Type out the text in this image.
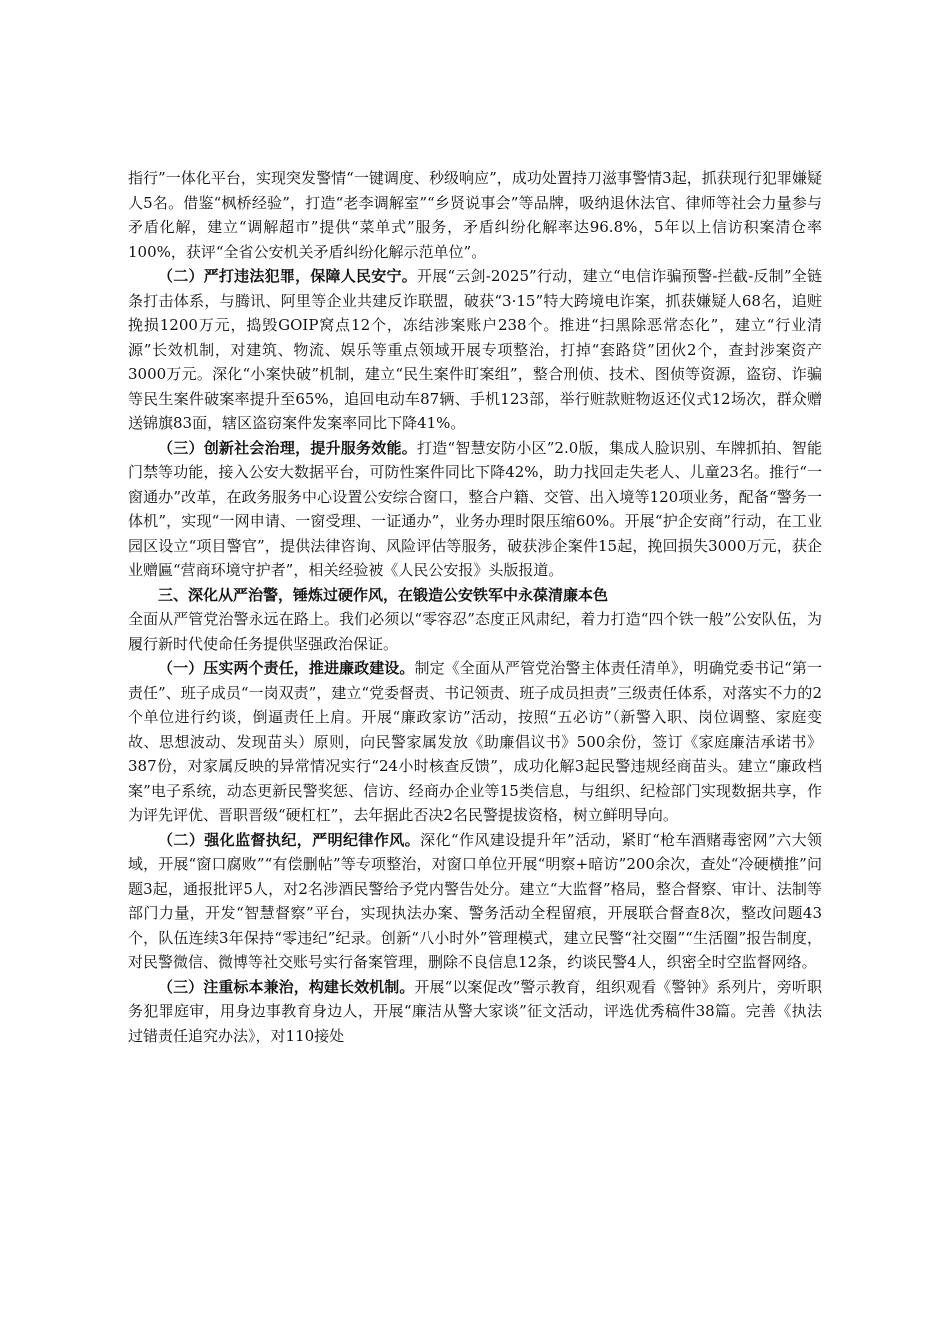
指行”一体化平台，实现突发警情“一键调度、秒级响应”，成功处置持刀滋事警情3起，抓获现行犯罪嫌疑人5名。借鉴“枫桥经验”，打造“老李调解室”“乡贤说事会”等品牌，吸纳退休法官、律师等社会力量参与矛盾化解，建立“调解超市”提供“菜单式”服务，矛盾纠纷化解率达96.8%，5年以上信访积案清仓率100%，获评“全省公安机关矛盾纠纷化解示范单位”。

（二）严打违法犯罪，保障人民安宁。开展“云剑-2025”行动，建立“电信诈骗预警-拦截-反制”全链条打击体系，与腾讯、阿里等企业共建反诈联盟，破获“3·15”特大跨境电诈案，抓获嫌疑人68名，追赃挽损1200万元，捣毁GOIP窝点12个，冻结涉案账户238个。推进“扫黑除恶常态化”，建立“行业清源”长效机制，对建筑、物流、娱乐等重点领域开展专项整治，打掉“套路贷”团伙2个，查封涉案资产3000万元。深化“小案快破”机制，建立“民生案件盯案组”，整合刑侦、技术、图侦等资源，盗窃、诈骗等民生案件破案率提升至65%，追回电动车87辆、手机123部，举行赃款赃物返还仪式12场次，群众赠送锦旗83面，辖区盗窃案件发案率同比下降41%。

（三）创新社会治理，提升服务效能。打造“智慧安防小区”2.0版，集成人脸识别、车牌抓拍、智能门禁等功能，接入公安大数据平台，可防性案件同比下降42%，助力找回走失老人、儿童23名。推行“一窗通办”改革，在政务服务中心设置公安综合窗口，整合户籍、交管、出入境等120项业务，配备“警务一体机”，实现“一网申请、一窗受理、一证通办”，业务办理时限压缩60%。开展“护企安商”行动，在工业园区设立“项目警官”，提供法律咨询、风险评估等服务，破获涉企案件15起，挽回损失3000万元，获企业赠匾“营商环境守护者”，相关经验被《人民公安报》头版报道。

三、深化从严治警，锤炼过硬作风，在锻造公安铁军中永葆清廉本色

全面从严管党治警永远在路上。我们必须以“零容忍”态度正风肃纪，着力打造“四个铁一般”公安队伍，为履行新时代使命任务提供坚强政治保证。

（一）压实两个责任，推进廉政建设。制定《全面从严管党治警主体责任清单》，明确党委书记“第一责任”、班子成员“一岗双责”，建立“党委督责、书记领责、班子成员担责”三级责任体系，对落实不力的2个单位进行约谈，倒逼责任上肩。开展“廉政家访”活动，按照“五必访”（新警入职、岗位调整、家庭变故、思想波动、发现苗头）原则，向民警家属发放《助廉倡议书》500余份，签订《家庭廉洁承诺书》387份，对家属反映的异常情况实行“24小时核查反馈”，成功化解3起民警违规经商苗头。建立“廉政档案”电子系统，动态更新民警奖惩、信访、经商办企业等15类信息，与组织、纪检部门实现数据共享，作为评先评优、晋职晋级“硬杠杠”，去年据此否决2名民警提拔资格，树立鲜明导向。

（二）强化监督执纪，严明纪律作风。深化“作风建设提升年”活动，紧盯“枪车酒赌毒密网”六大领域，开展“窗口腐败”“有偿删帖”等专项整治，对窗口单位开展“明察+暗访”200余次，查处“冷硬横推”问题3起，通报批评5人，对2名涉酒民警给予党内警告处分。建立“大监督”格局，整合督察、审计、法制等部门力量，开发“智慧督察”平台，实现执法办案、警务活动全程留痕，开展联合督查8次，整改问题43个，队伍连续3年保持“零违纪”纪录。创新“八小时外”管理模式，建立民警“社交圈”“生活圈”报告制度，对民警微信、微博等社交账号实行备案管理，删除不良信息12条，约谈民警4人，织密全时空监督网络。

（三）注重标本兼治，构建长效机制。开展“以案促改”警示教育，组织观看《警钟》系列片，旁听职务犯罪庭审，用身边事教育身边人，开展“廉洁从警大家谈”征文活动，评选优秀稿件38篇。完善《执法过错责任追究办法》，对110接处
